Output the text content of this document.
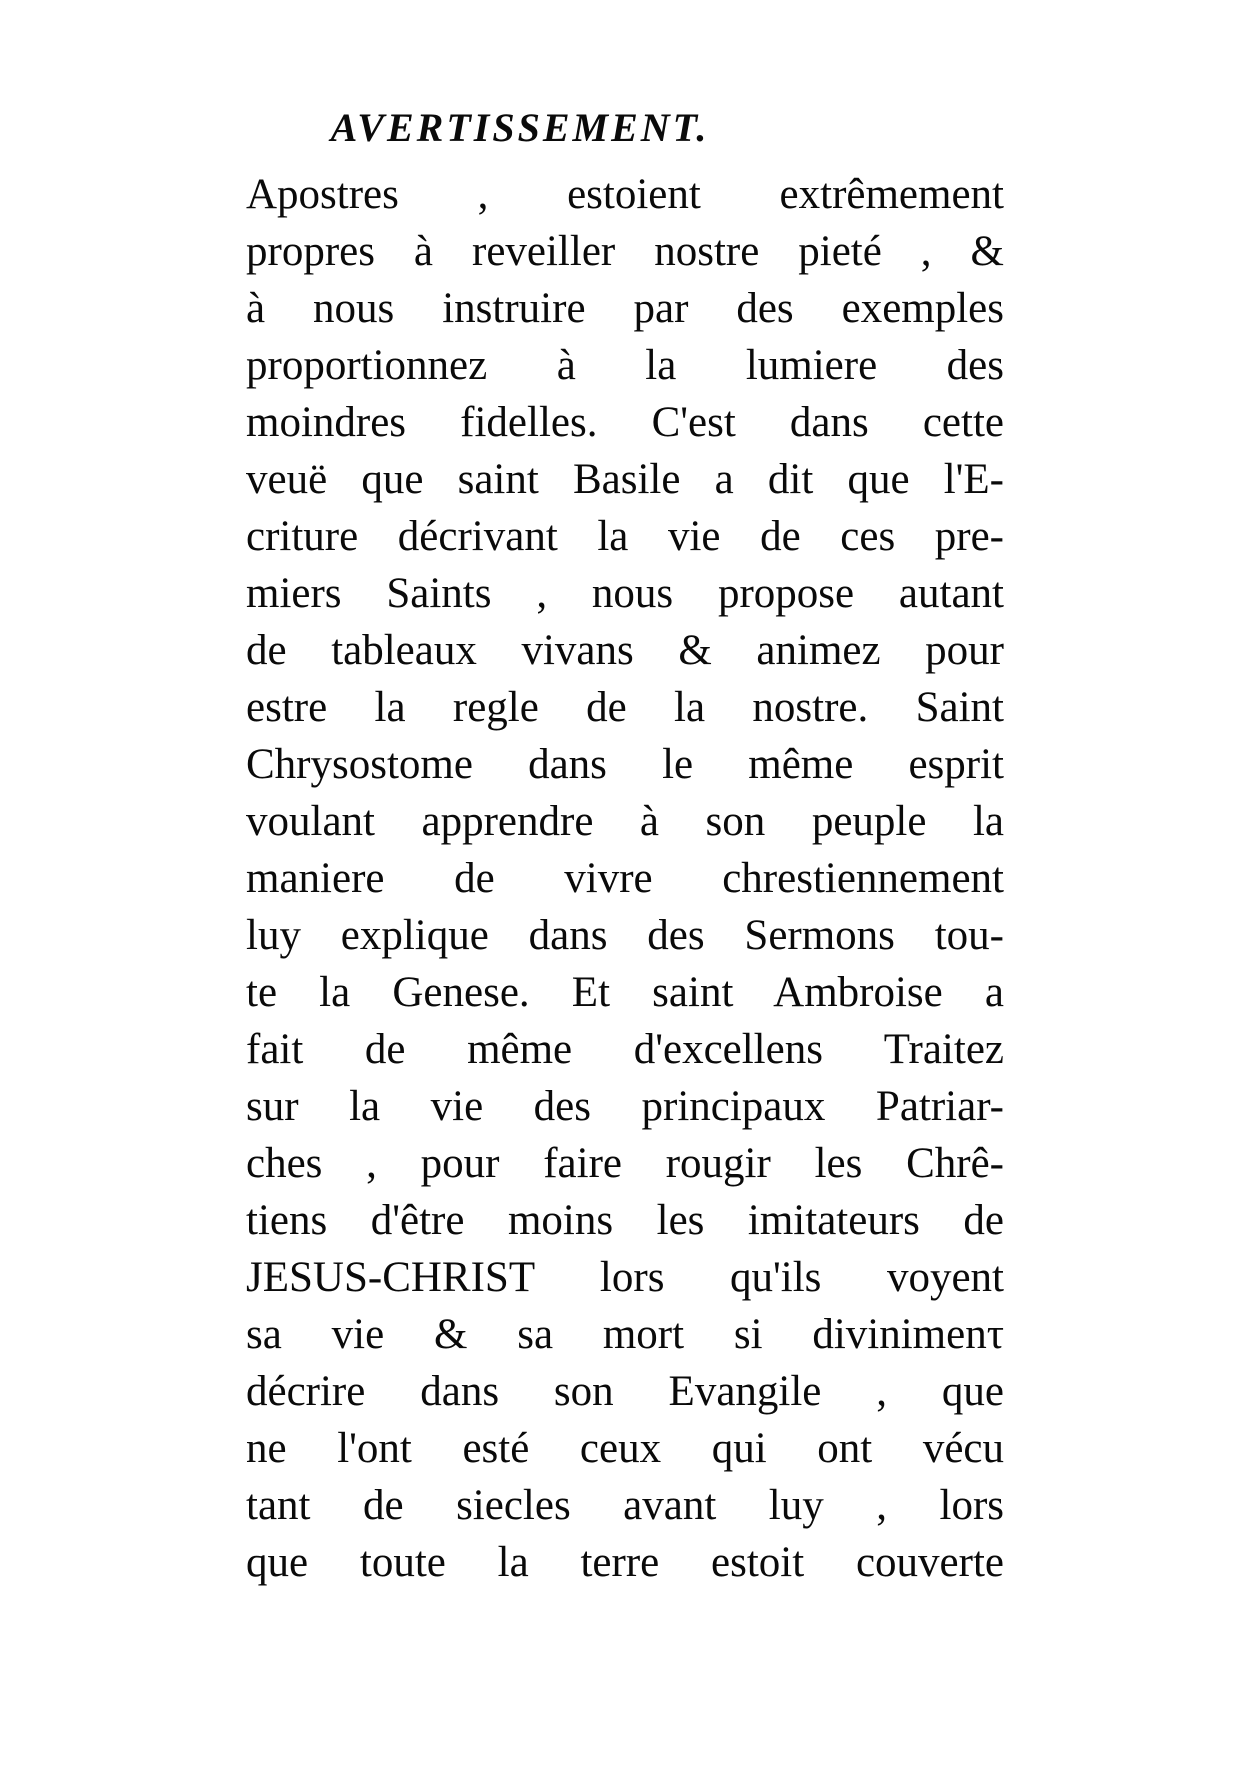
AVERTISSEMENT.
Apostres , estoient extrêmement
propres à reveiller nostre pieté , &
à nous instruire par des exemples
proportionnez à la lumiere des
moindres fidelles. C'est dans cette
veuë que saint Basile a dit que l'E-
criture décrivant la vie de ces pre-
miers Saints , nous propose autant
de tableaux vivans & animez pour
estre la regle de la nostre. Saint
Chrysostome dans le même esprit
voulant apprendre à son peuple la
maniere de vivre chrestiennement
luy explique dans des Sermons tou-
te la Genese. Et saint Ambroise a
fait de même d'excellens Traitez
sur la vie des principaux Patriar-
ches , pour faire rougir les Chrê-
tiens d'être moins les imitateurs de
JESUS-CHRIST lors qu'ils voyent
sa vie & sa mort si divinimenτ
décrire dans son Evangile , que
ne l'ont esté ceux qui ont vécu
tant de siecles avant luy , lors
que toute la terre estoit couverte
